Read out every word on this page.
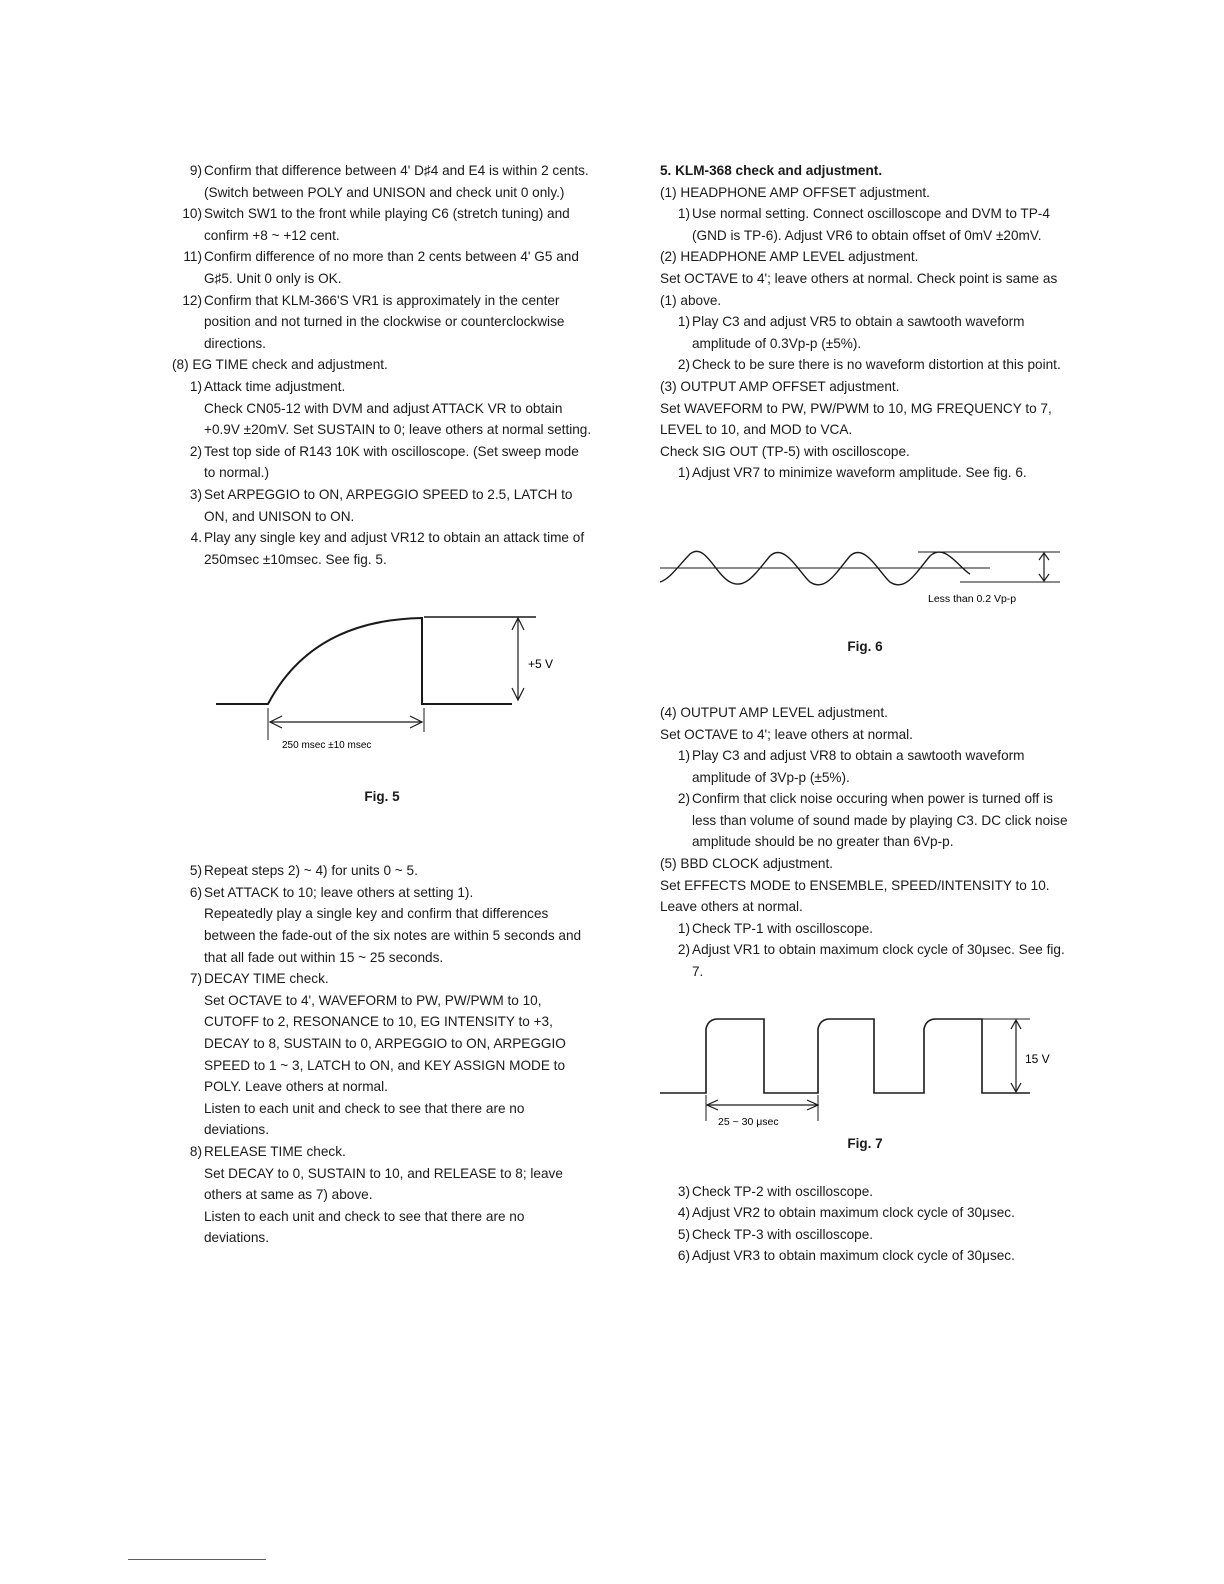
9) Confirm that difference between 4' D♯4 and E4 is within 2 cents.

(Switch between POLY and UNISON and check unit 0 only.)

10) Switch SW1 to the front while playing C6 (stretch tuning) and confirm +8 ~ +12 cent.

11) Confirm difference of no more than 2 cents between 4' G5 and G♯5. Unit 0 only is OK.

12) Confirm that KLM-366'S VR1 is approximately in the center position and not turned in the clockwise or counterclockwise directions.

(8) EG TIME check and adjustment.

1) Attack time adjustment.

Check CN05-12 with DVM and adjust ATTACK VR to obtain +0.9V ±20mV. Set SUSTAIN to 0; leave others at normal setting.

2) Test top side of R143 10K with oscilloscope. (Set sweep mode to normal.)

3) Set ARPEGGIO to ON, ARPEGGIO SPEED to 2.5, LATCH to ON, and UNISON to ON.

4. Play any single key and adjust VR12 to obtain an attack time of 250msec ±10msec. See fig. 5.

+5 V
250 msec ±10 msec
Fig. 5
5) Repeat steps 2) ~ 4) for units 0 ~ 5.

6) Set ATTACK to 10; leave others at setting 1).

Repeatedly play a single key and confirm that differences between the fade-out of the six notes are within 5 seconds and that all fade out within 15 ~ 25 seconds.

7) DECAY TIME check.

Set OCTAVE to 4', WAVEFORM to PW, PW/PWM to 10, CUTOFF to 2, RESONANCE to 10, EG INTENSITY to +3, DECAY to 8, SUSTAIN to 0, ARPEGGIO to ON, ARPEGGIO SPEED to 1 ~ 3, LATCH to ON, and KEY ASSIGN MODE to POLY. Leave others at normal.

Listen to each unit and check to see that there are no deviations.

8) RELEASE TIME check.

Set DECAY to 0, SUSTAIN to 10, and RELEASE to 8; leave others at same as 7) above.

Listen to each unit and check to see that there are no deviations.

5. KLM-368 check and adjustment.

(1) HEADPHONE AMP OFFSET adjustment.

1) Use normal setting. Connect oscilloscope and DVM to TP-4 (GND is TP-6). Adjust VR6 to obtain offset of 0mV ±20mV.

(2) HEADPHONE AMP LEVEL adjustment.

Set OCTAVE to 4'; leave others at normal. Check point is same as (1) above.

1) Play C3 and adjust VR5 to obtain a sawtooth waveform amplitude of 0.3Vp-p (±5%).

2) Check to be sure there is no waveform distortion at this point.

(3) OUTPUT AMP OFFSET adjustment.

Set WAVEFORM to PW, PW/PWM to 10, MG FREQUENCY to 7, LEVEL to 10, and MOD to VCA.

Check SIG OUT (TP-5) with oscilloscope.

1) Adjust VR7 to minimize waveform amplitude. See fig. 6.

Less than 0.2 Vp-p
Fig. 6

(4) OUTPUT AMP LEVEL adjustment.

Set OCTAVE to 4'; leave others at normal.

1) Play C3 and adjust VR8 to obtain a sawtooth waveform amplitude of 3Vp-p (±5%).

2) Confirm that click noise occuring when power is turned off is less than volume of sound made by playing C3. DC click noise amplitude should be no greater than 6Vp-p.

(5) BBD CLOCK adjustment.

Set EFFECTS MODE to ENSEMBLE, SPEED/INTENSITY to 10. Leave others at normal.

1) Check TP-1 with oscilloscope.

2) Adjust VR1 to obtain maximum clock cycle of 30μsec. See fig. 7.

15 V
25 ~ 30 μsec
Fig. 7
3) Check TP-2 with oscilloscope.

4) Adjust VR2 to obtain maximum clock cycle of 30μsec.

5) Check TP-3 with oscilloscope.

6) Adjust VR3 to obtain maximum clock cycle of 30μsec.
